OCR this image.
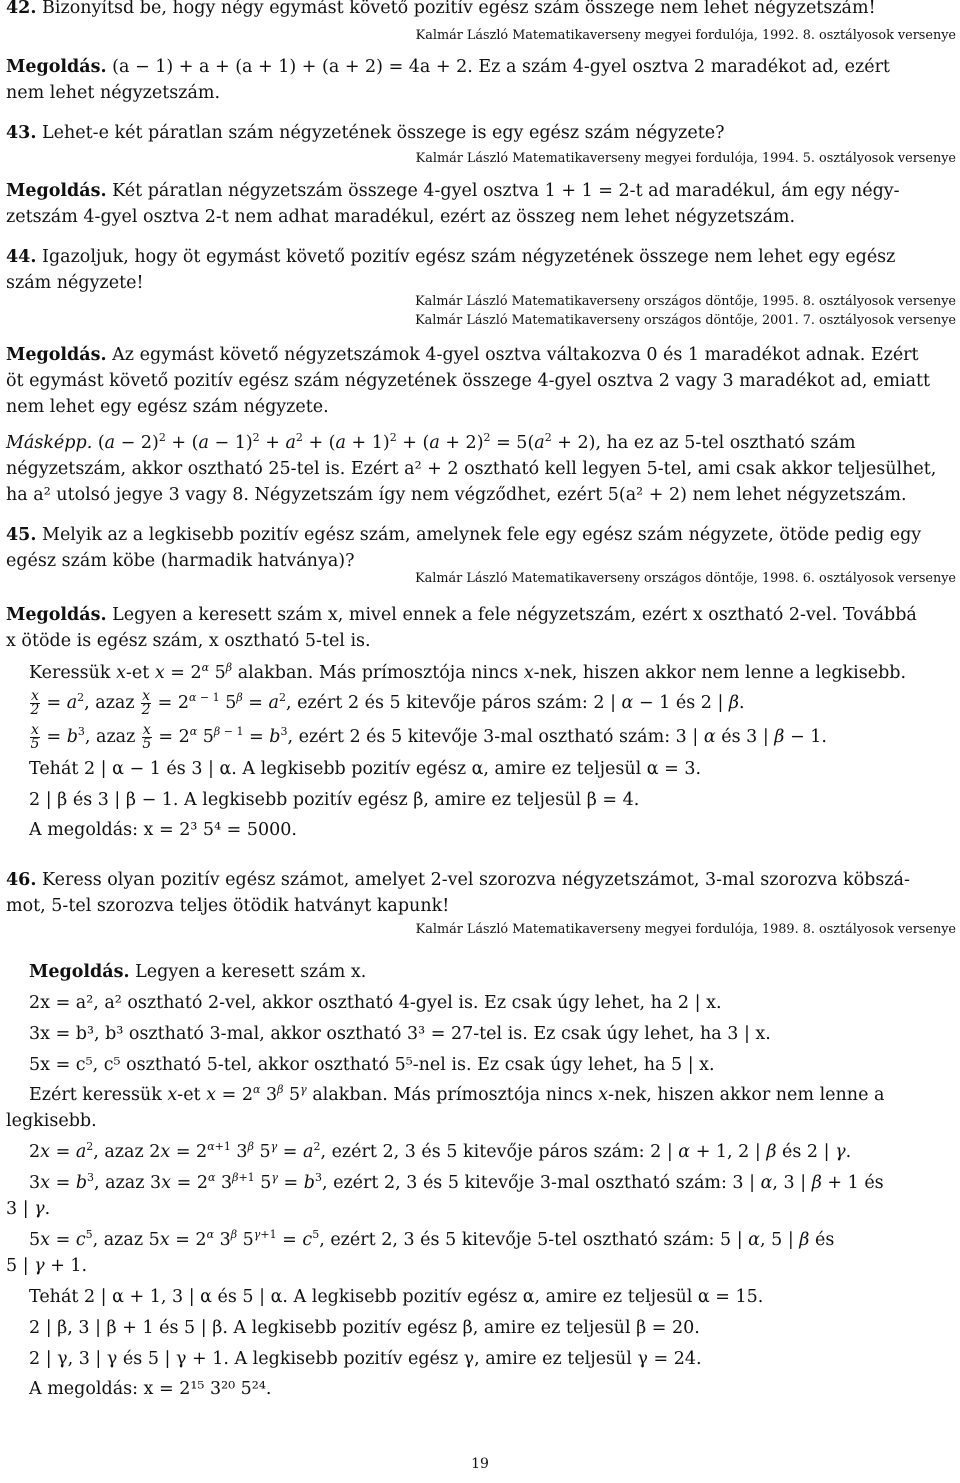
42. Bizonyítsd be, hogy négy egymást követő pozitív egész szám összege nem lehet négyzetszám!
Kalmár László Matematikaverseny megyei fordulója, 1992. 8. osztályosok versenye
Megoldás. (a − 1) + a + (a + 1) + (a + 2) = 4a + 2. Ez a szám 4-gyel osztva 2 maradékot ad, ezért
nem lehet négyzetszám.
43. Lehet-e két páratlan szám négyzetének összege is egy egész szám négyzete?
Kalmár László Matematikaverseny megyei fordulója, 1994. 5. osztályosok versenye
Megoldás. Két páratlan négyzetszám összege 4-gyel osztva 1 + 1 = 2-t ad maradékul, ám egy négy-
zetszám 4-gyel osztva 2-t nem adhat maradékul, ezért az összeg nem lehet négyzetszám.
44. Igazoljuk, hogy öt egymást követő pozitív egész szám négyzetének összege nem lehet egy egész
szám négyzete!
Kalmár László Matematikaverseny országos döntője, 1995. 8. osztályosok versenye
Kalmár László Matematikaverseny országos döntője, 2001. 7. osztályosok versenye
Megoldás. Az egymást követő négyzetszámok 4-gyel osztva váltakozva 0 és 1 maradékot adnak. Ezért
öt egymást követő pozitív egész szám négyzetének összege 4-gyel osztva 2 vagy 3 maradékot ad, emiatt
nem lehet egy egész szám négyzete.
Másképp. $(a - 2)^2 + (a - 1)^2 + a^2 + (a + 1)^2 + (a + 2)^2 = 5(a^2 + 2)$, ha ez az 5-tel osztható szám
négyzetszám, akkor osztható 25-tel is. Ezért a² + 2 osztható kell legyen 5-tel, ami csak akkor teljesülhet,
ha a² utolsó jegye 3 vagy 8. Négyzetszám így nem végződhet, ezért 5(a² + 2) nem lehet négyzetszám.
45. Melyik az a legkisebb pozitív egész szám, amelynek fele egy egész szám négyzete, ötöde pedig egy
egész szám köbe (harmadik hatványa)?
Kalmár László Matematikaverseny országos döntője, 1998. 6. osztályosok versenye
Megoldás. Legyen a keresett szám x, mivel ennek a fele négyzetszám, ezért x osztható 2-vel. Továbbá
x ötöde is egész szám, x osztható 5-tel is.
Keressük x-et $x = 2^\alpha$ $5^\beta$ alakban. Más prímosztója nincs x-nek, hiszen akkor nem lenne a legkisebb.
$\frac{x}{2} = a^2$, azaz $\frac{x}{2} = 2^{\alpha - 1}$ $5^\beta = a^2$, ezért 2 és 5 kitevője páros szám: 2 | α − 1 és 2 | β.
$\frac{x}{5} = b^3$, azaz $\frac{x}{5} = 2^\alpha$ $5^{\beta - 1} = b^3$, ezért 2 és 5 kitevője 3-mal osztható szám: 3 | α és 3 | β − 1.
Tehát 2 | α − 1 és 3 | α. A legkisebb pozitív egész α, amire ez teljesül α = 3.
2 | β és 3 | β − 1. A legkisebb pozitív egész β, amire ez teljesül β = 4.
A megoldás: x = 2³ 5⁴ = 5000.
46. Keress olyan pozitív egész számot, amelyet 2-vel szorozva négyzetszámot, 3-mal szorozva köbszá-
mot, 5-tel szorozva teljes ötödik hatványt kapunk!
Kalmár László Matematikaverseny megyei fordulója, 1989. 8. osztályosok versenye
Megoldás. Legyen a keresett szám x.
2x = a², a² osztható 2-vel, akkor osztható 4-gyel is. Ez csak úgy lehet, ha 2 | x.
3x = b³, b³ osztható 3-mal, akkor osztható 3³ = 27-tel is. Ez csak úgy lehet, ha 3 | x.
5x = c⁵, c⁵ osztható 5-tel, akkor osztható 5⁵-nel is. Ez csak úgy lehet, ha 5 | x.
Ezért keressük x-et $x = 2^\alpha$ $3^\beta$ $5^\gamma$ alakban. Más prímosztója nincs x-nek, hiszen akkor nem lenne a
legkisebb.
$2x = a^2$, azaz $2x = 2^{\alpha+1}$ $3^\beta$ $5^\gamma = a^2$, ezért 2, 3 és 5 kitevője páros szám: 2 | α + 1, 2 | β és 2 | γ.
$3x = b^3$, azaz $3x = 2^\alpha$ $3^{\beta+1}$ $5^\gamma = b^3$, ezért 2, 3 és 5 kitevője 3-mal osztható szám: 3 | α, 3 | β + 1 és
3 | γ.
$5x = c^5$, azaz $5x = 2^\alpha$ $3^\beta$ $5^{\gamma+1} = c^5$, ezért 2, 3 és 5 kitevője 5-tel osztható szám: 5 | α, 5 | β és
5 | γ + 1.
Tehát 2 | α + 1, 3 | α és 5 | α. A legkisebb pozitív egész α, amire ez teljesül α = 15.
2 | β, 3 | β + 1 és 5 | β. A legkisebb pozitív egész β, amire ez teljesül β = 20.
2 | γ, 3 | γ és 5 | γ + 1. A legkisebb pozitív egész γ, amire ez teljesül γ = 24.
A megoldás: x = 2¹⁵ 3²⁰ 5²⁴.
19
